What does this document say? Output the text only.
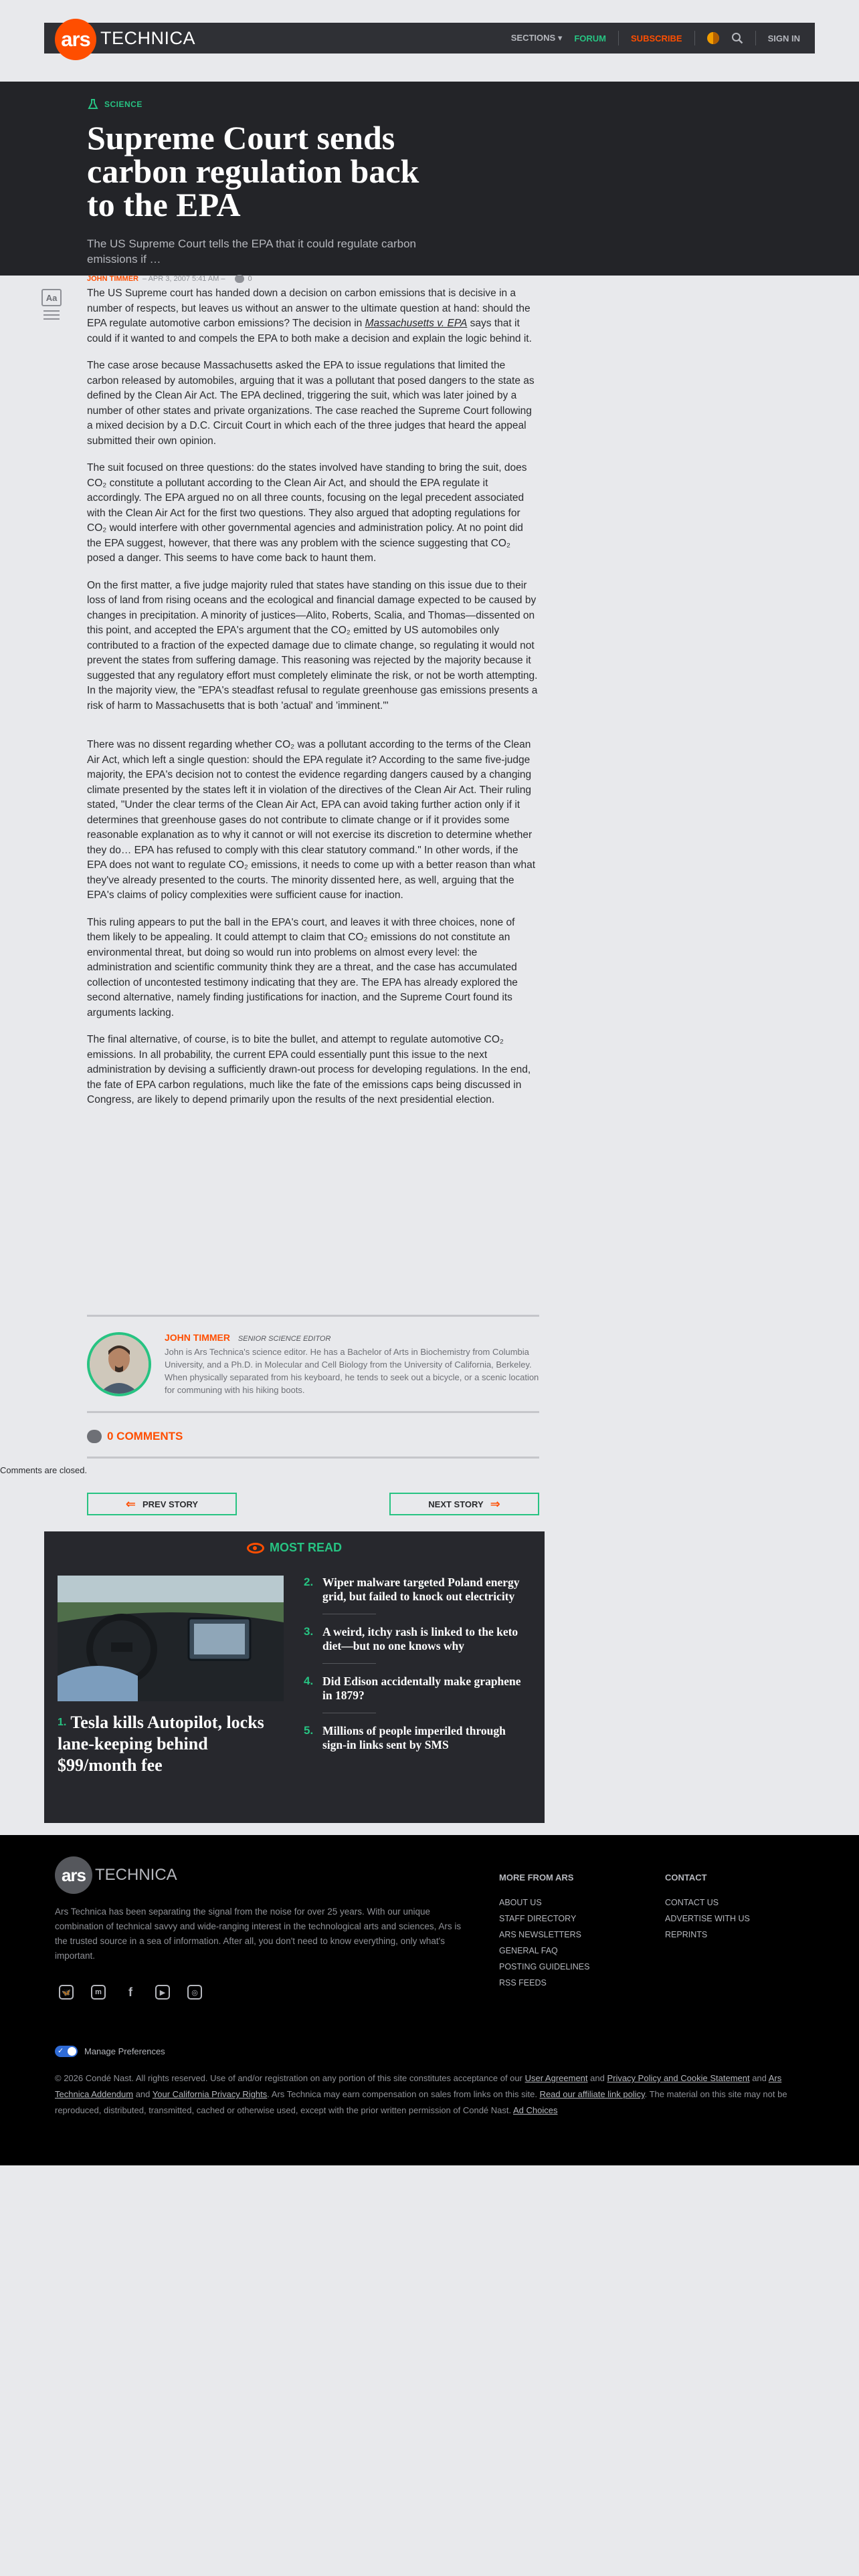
ars TECHNICA	SECTIONS ▾ FORUM	SUBSCRIBE	SIGN IN
SCIENCE
Supreme Court sends carbon regulation back to the EPA

The US Supreme Court tells the EPA that it could regulate carbon emissions if …

JOHN TIMMER – APR 3, 2007 5:41 AM –	0
Aa	The US Supreme court has handed down a decision on carbon emissions that is decisive in a number of respects, but leaves us without an answer to the ultimate question at hand: should the EPA regulate automotive carbon emissions? The decision in Massachusetts v. EPA says that it could if it wanted to and compels the EPA to both make a decision and explain the logic behind it.

The case arose because Massachusetts asked the EPA to issue regulations that limited the carbon released by automobiles, arguing that it was a pollutant that posed dangers to the state as defined by the Clean Air Act. The EPA declined, triggering the suit, which was later joined by a number of other states and private organizations. The case reached the Supreme Court following a mixed decision by a D.C. Circuit Court in which each of the three judges that heard the appeal submitted their own opinion.

The suit focused on three questions: do the states involved have standing to bring the suit, does CO₂ constitute a pollutant according to the Clean Air Act, and should the EPA regulate it accordingly. The EPA argued no on all three counts, focusing on the legal precedent associated with the Clean Air Act for the first two questions. They also argued that adopting regulations for CO₂ would interfere with other governmental agencies and administration policy. At no point did the EPA suggest, however, that there was any problem with the science suggesting that CO₂ posed a danger. This seems to have come back to haunt them.

On the first matter, a five judge majority ruled that states have standing on this issue due to their loss of land from rising oceans and the ecological and financial damage expected to be caused by changes in precipitation. A minority of justices—Alito, Roberts, Scalia, and Thomas—dissented on this point, and accepted the EPA's argument that the CO₂ emitted by US automobiles only contributed to a fraction of the expected damage due to climate change, so regulating it would not prevent the states from suffering damage. This reasoning was rejected by the majority because it suggested that any regulatory effort must completely eliminate the risk, or not be worth attempting. In the majority view, the "EPA's steadfast refusal to regulate greenhouse gas emissions presents a risk of harm to Massachusetts that is both 'actual' and 'imminent.'"

There was no dissent regarding whether CO₂ was a pollutant according to the terms of the Clean Air Act, which left a single question: should the EPA regulate it? According to the same five-judge majority, the EPA's decision not to contest the evidence regarding dangers caused by a changing climate presented by the states left it in violation of the directives of the Clean Air Act. Their ruling stated, "Under the clear terms of the Clean Air Act, EPA can avoid taking further action only if it determines that greenhouse gases do not contribute to climate change or if it provides some reasonable explanation as to why it cannot or will not exercise its discretion to determine whether they do… EPA has refused to comply with this clear statutory command." In other words, if the EPA does not want to regulate CO₂ emissions, it needs to come up with a better reason than what they've already presented to the courts. The minority dissented here, as well, arguing that the EPA's claims of policy complexities were sufficient cause for inaction.

This ruling appears to put the ball in the EPA's court, and leaves it with three choices, none of them likely to be appealing. It could attempt to claim that CO₂ emissions do not constitute an environmental threat, but doing so would run into problems on almost every level: the administration and scientific community think they are a threat, and the case has accumulated collection of uncontested testimony indicating that they are. The EPA has already explored the second alternative, namely finding justifications for inaction, and the Supreme Court found its arguments lacking.

The final alternative, of course, is to bite the bullet, and attempt to regulate automotive CO₂ emissions. In all probability, the current EPA could essentially punt this issue to the next administration by devising a sufficiently drawn-out process for developing regulations. In the end, the fate of EPA carbon regulations, much like the fate of the emissions caps being discussed in Congress, are likely to depend primarily upon the results of the next presidential election.

JOHN TIMMER SENIOR SCIENCE EDITOR

John is Ars Technica's science editor. He has a Bachelor of Arts in Biochemistry from Columbia University, and a Ph.D. in Molecular and Cell Biology from the University of California, Berkeley. When physically separated from his keyboard, he tends to seek out a bicycle, or a scenic location for communing with his hiking boots.

0 COMMENTS

Comments are closed.

⇐ PREV STORY	NEXT STORY ⇒
MOST READ
$^{1.}$ Tesla kills Autopilot, locks lane-keeping behind $99/month fee
2. Wiper malware targeted Poland energy grid, but failed to knock out electricity
3. A weird, itchy rash is linked to the keto diet—but no one knows why
4. Did Edison accidentally make graphene in 1879?
5. Millions of people imperiled through sign-in links sent by SMS
ars TECHNICA

Ars Technica has been separating the signal from the noise for over 25 years. With our unique combination of technical savvy and wide-ranging interest in the technological arts and sciences, Ars is the trusted source in a sea of information. After all, you don't need to know everything, only what's important.

🦋	m	f	▶	◎
MORE FROM ARS
ABOUT US
STAFF DIRECTORY
ARS NEWSLETTERS
GENERAL FAQ
POSTING GUIDELINES
RSS FEEDS
CONTACT
CONTACT US
ADVERTISE WITH US
REPRINTS
✓
Manage Preferences

© 2026 Condé Nast. All rights reserved. Use of and/or registration on any portion of this site constitutes acceptance of our User Agreement and Privacy Policy and Cookie Statement and Ars Technica Addendum and Your California Privacy Rights. Ars Technica may earn compensation on sales from links on this site. Read our affiliate link policy. The material on this site may not be reproduced, distributed, transmitted, cached or otherwise used, except with the prior written permission of Condé Nast. Ad Choices
